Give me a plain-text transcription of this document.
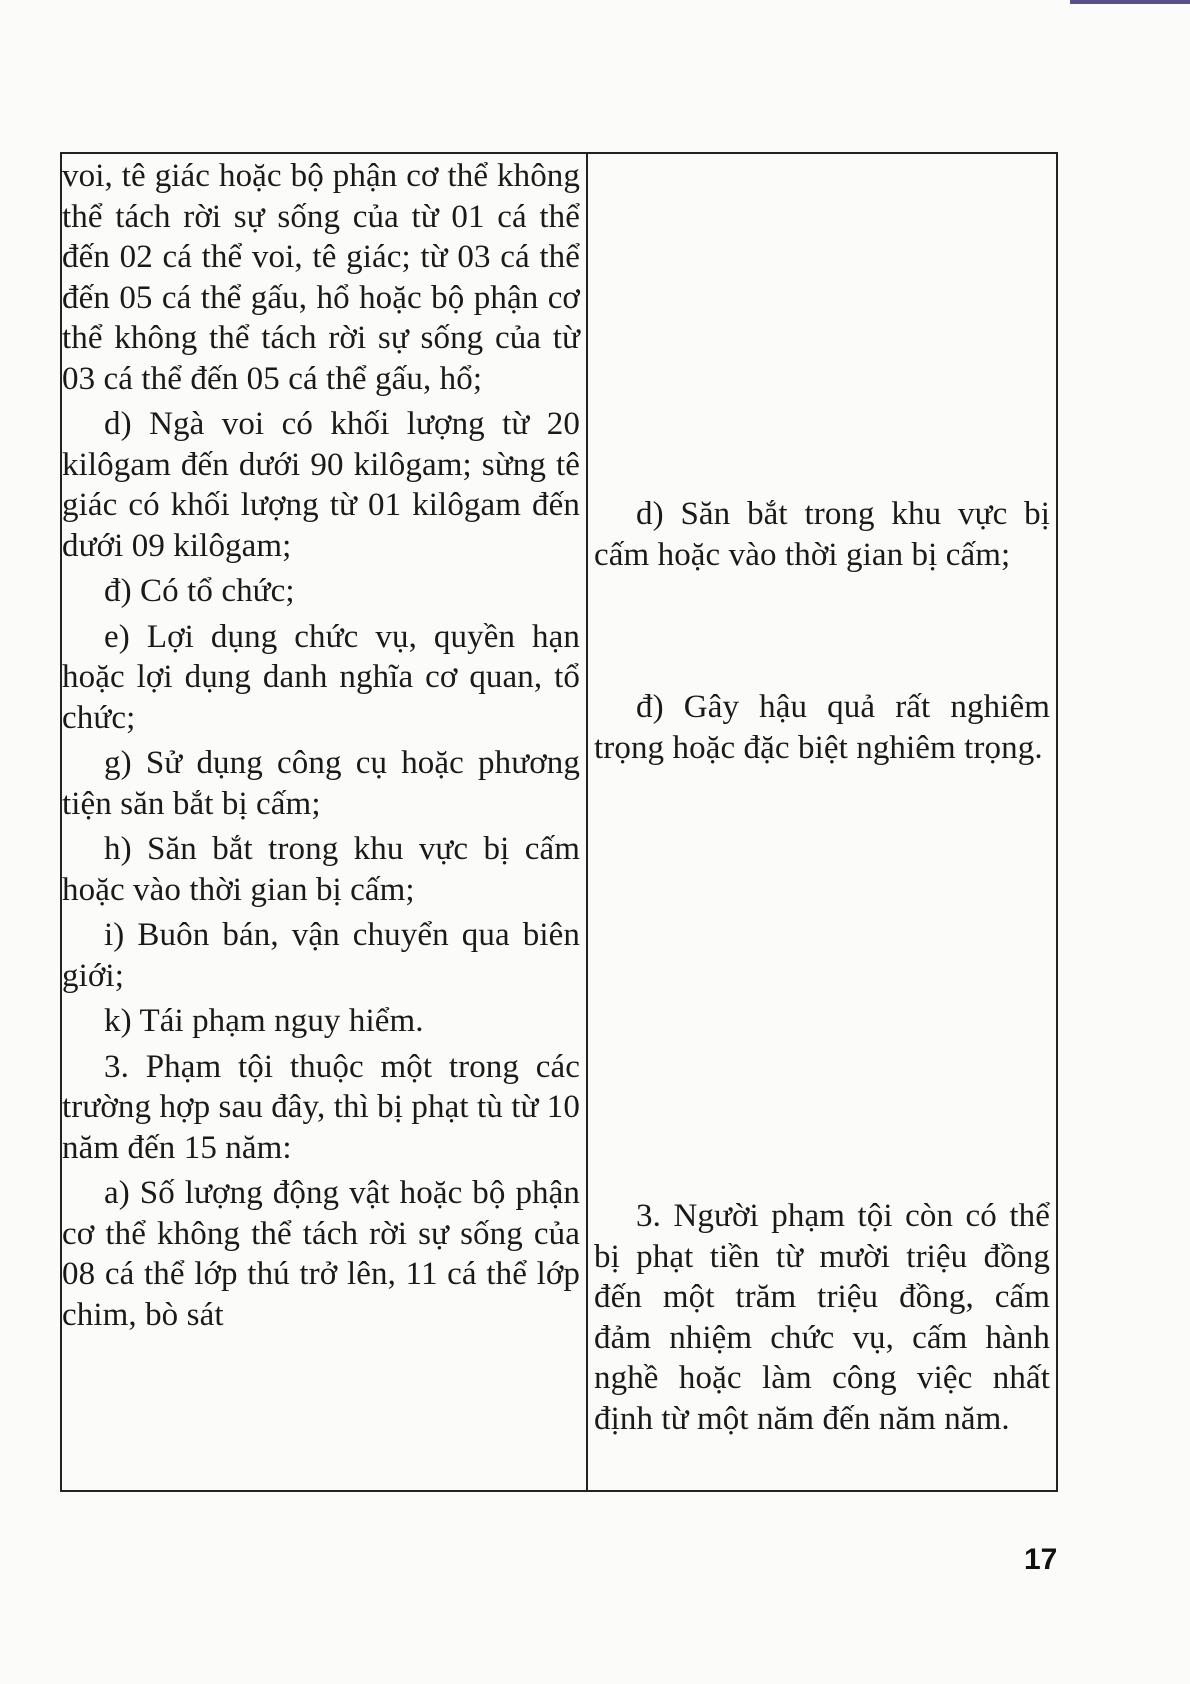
voi, tê giác hoặc bộ phận cơ thể không thể tách rời sự sống của từ 01 cá thể đến 02 cá thể voi, tê giác; từ 03 cá thể đến 05 cá thể gấu, hổ hoặc bộ phận cơ thể không thể tách rời sự sống của từ 03 cá thể đến 05 cá thể gấu, hổ;

d) Ngà voi có khối lượng từ 20 kilôgam đến dưới 90 kilôgam; sừng tê giác có khối lượng từ 01 kilôgam đến dưới 09 kilôgam;

đ) Có tổ chức;

e) Lợi dụng chức vụ, quyền hạn hoặc lợi dụng danh nghĩa cơ quan, tổ chức;

g) Sử dụng công cụ hoặc phương tiện săn bắt bị cấm;

h) Săn bắt trong khu vực bị cấm hoặc vào thời gian bị cấm;

i) Buôn bán, vận chuyển qua biên giới;

k) Tái phạm nguy hiểm.

3. Phạm tội thuộc một trong các trường hợp sau đây, thì bị phạt tù từ 10 năm đến 15 năm:

a) Số lượng động vật hoặc bộ phận cơ thể không thể tách rời sự sống của 08 cá thể lớp thú trở lên, 11 cá thể lớp chim, bò sát

d) Săn bắt trong khu vực bị cấm hoặc vào thời gian bị cấm;

đ) Gây hậu quả rất nghiêm trọng hoặc đặc biệt nghiêm trọng.

3. Người phạm tội còn có thể bị phạt tiền từ mười triệu đồng đến một trăm triệu đồng, cấm đảm nhiệm chức vụ, cấm hành nghề hoặc làm công việc nhất định từ một năm đến năm năm.

17
